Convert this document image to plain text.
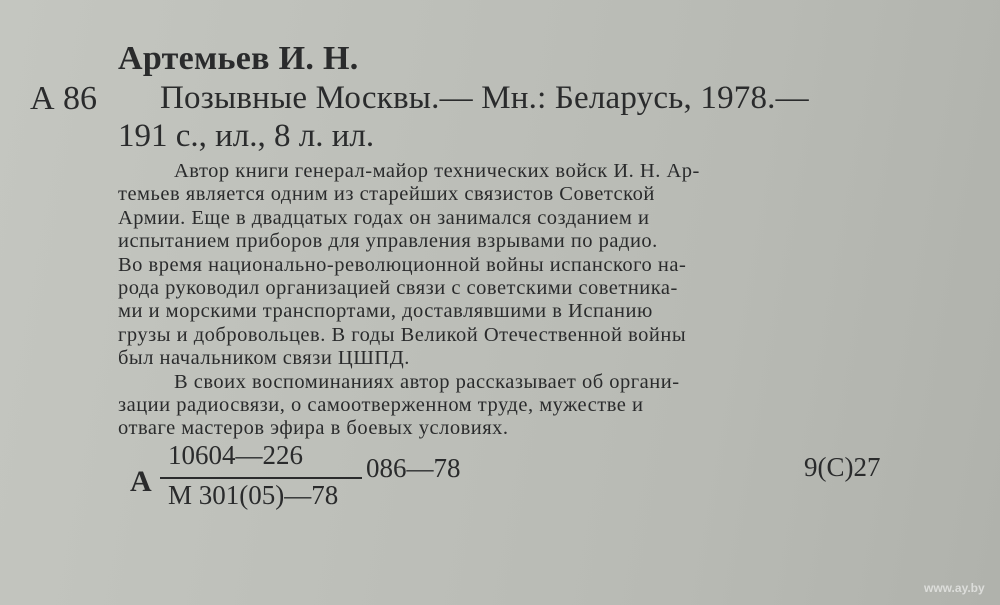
Артемьев И. Н.
А 86 Позывные Москвы.— Мн.: Беларусь, 1978.—
191 с., ил., 8 л. ил.
Автор книги генерал-майор технических войск И. Н. Ар-
темьев является одним из старейших связистов Советской
Армии. Еще в двадцатых годах он занимался созданием и
испытанием приборов для управления взрывами по радио.
Во время национально-революционной войны испанского на-
рода руководил организацией связи с советскими советника-
ми и морскими транспортами, доставлявшими в Испанию
грузы и добровольцев. В годы Великой Отечественной войны
был начальником связи ЦШПД.
В своих воспоминаниях автор рассказывает об органи-
зации радиосвязи, о самоотверженном труде, мужестве и
отваге мастеров эфира в боевых условиях.
А
10604—226
М 301(05)—78
086—78	9(С)27
www.ay.by
